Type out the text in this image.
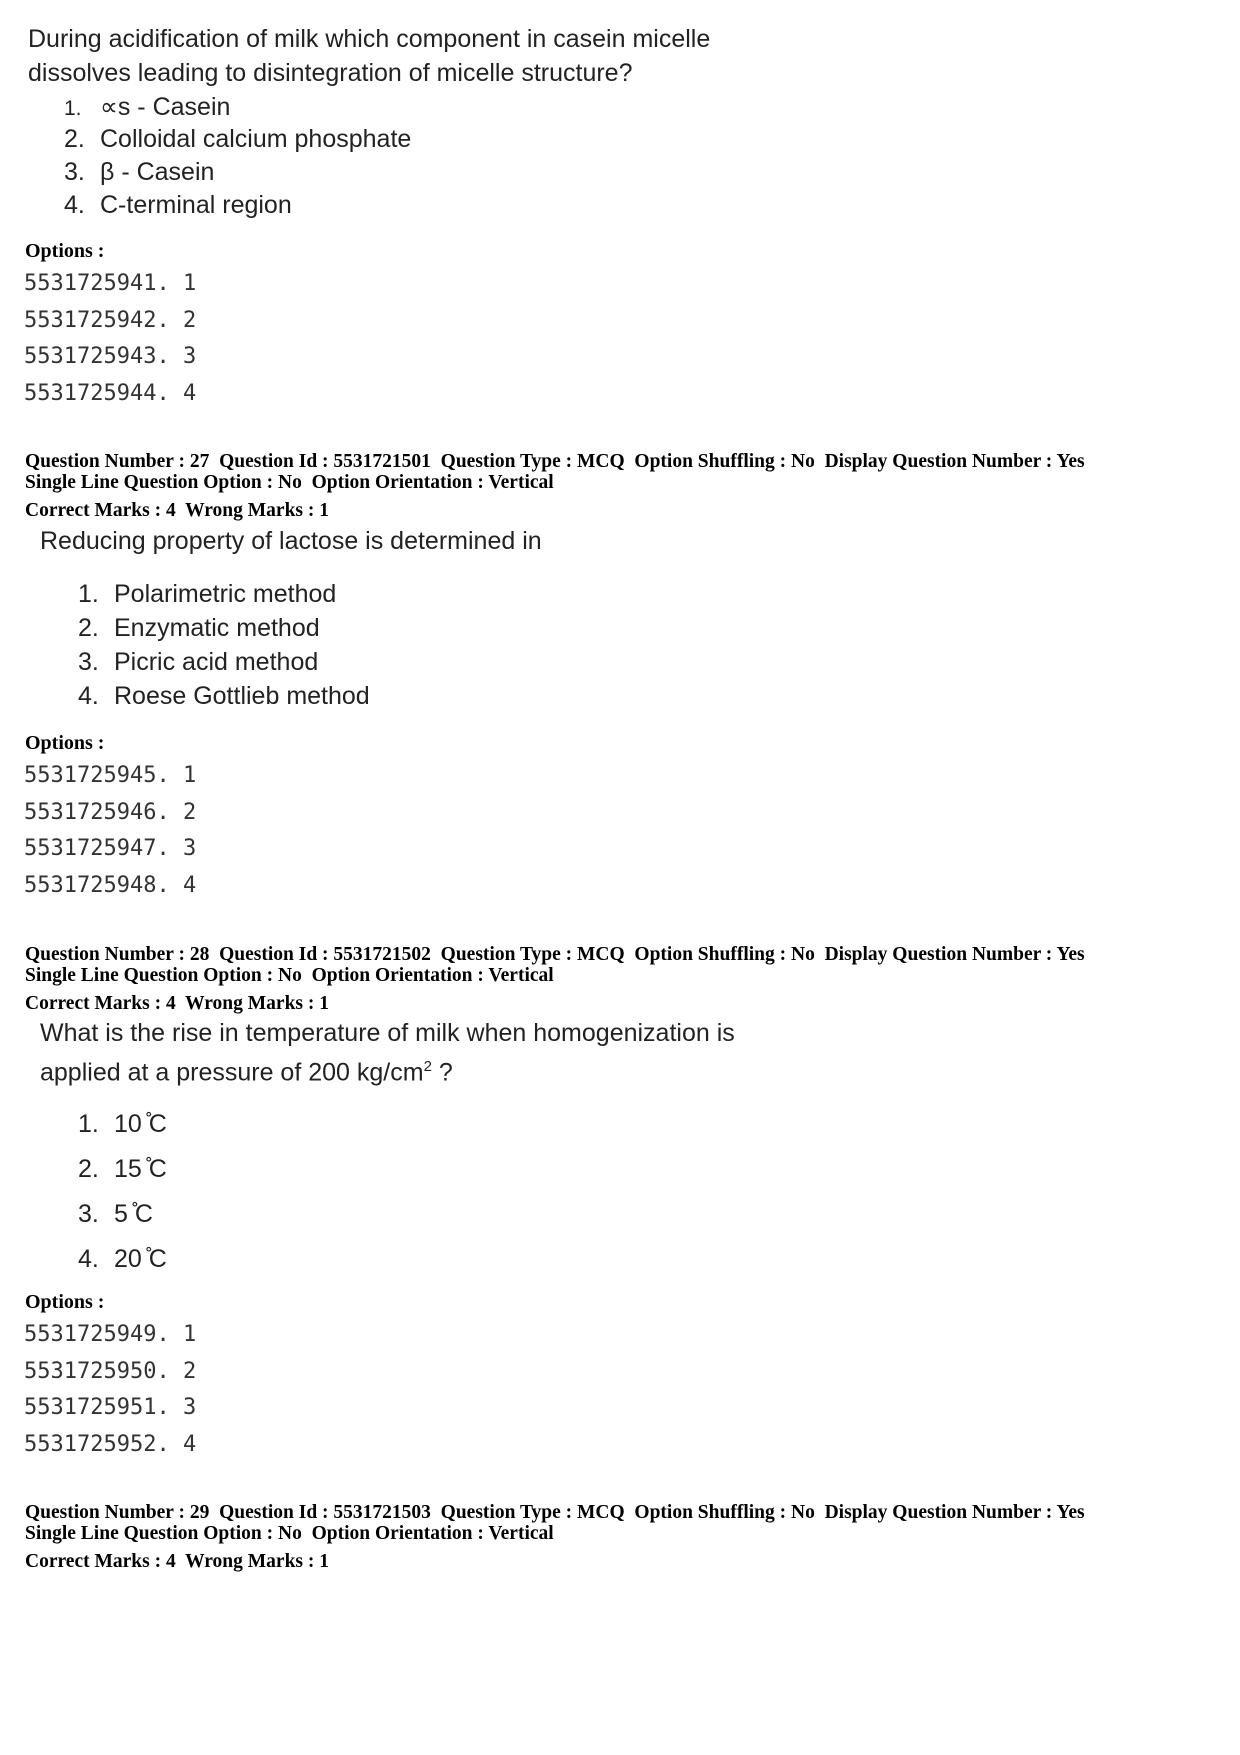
During acidification of milk which component in casein micelle
dissolves leading to disintegration of micelle structure?
1. ∝s - Casein
2. Colloidal calcium phosphate
3. β - Casein
4. C-terminal region
Options :
5531725941. 1
5531725942. 2
5531725943. 3
5531725944. 4
Question Number : 27  Question Id : 5531721501  Question Type : MCQ  Option Shuffling : No  Display Question Number : Yes
Single Line Question Option : No  Option Orientation : Vertical
Correct Marks : 4  Wrong Marks : 1
Reducing property of lactose is determined in
1. Polarimetric method
2. Enzymatic method
3. Picric acid method
4. Roese Gottlieb method
Options :
5531725945. 1
5531725946. 2
5531725947. 3
5531725948. 4
Question Number : 28  Question Id : 5531721502  Question Type : MCQ  Option Shuffling : No  Display Question Number : Yes
Single Line Question Option : No  Option Orientation : Vertical
Correct Marks : 4  Wrong Marks : 1
What is the rise in temperature of milk when homogenization is
applied at a pressure of 200 $kg/cm^2$ ?
1. 10 ̊C
2. 15 ̊C
3. 5 ̊C
4. 20 ̊C
Options :
5531725949. 1
5531725950. 2
5531725951. 3
5531725952. 4
Question Number : 29  Question Id : 5531721503  Question Type : MCQ  Option Shuffling : No  Display Question Number : Yes
Single Line Question Option : No  Option Orientation : Vertical
Correct Marks : 4  Wrong Marks : 1
